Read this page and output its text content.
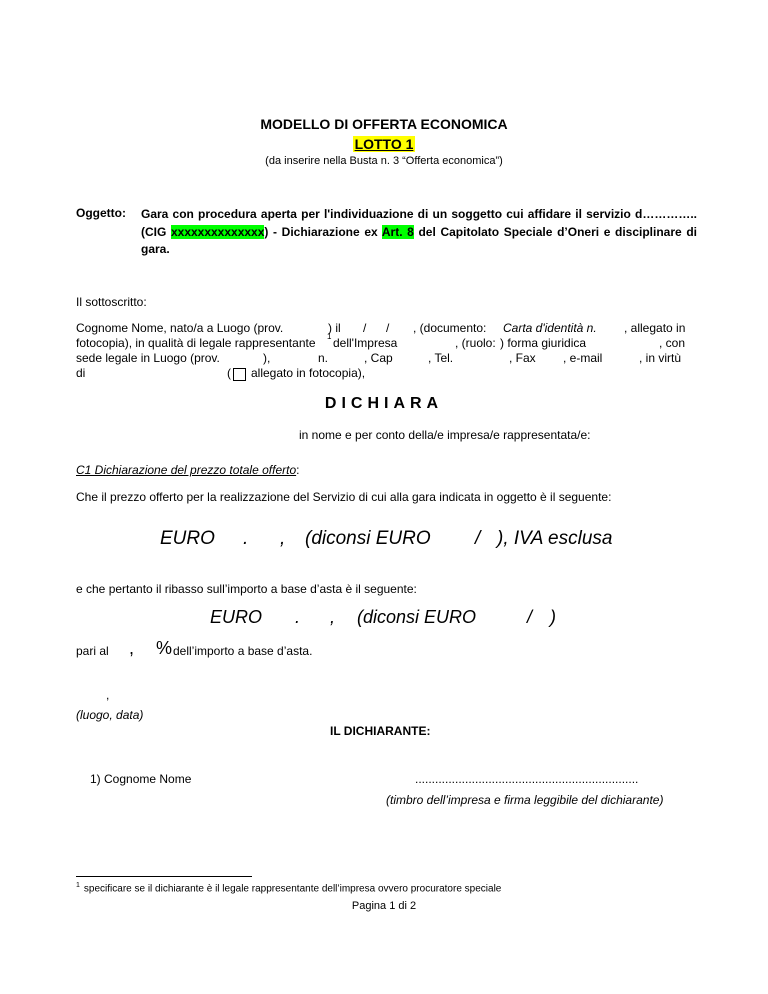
MODELLO DI OFFERTA ECONOMICA
LOTTO 1
(da inserire nella Busta n. 3 “Offerta economica”)
Oggetto: Gara con procedura aperta per l'individuazione di un soggetto cui affidare il servizio d………….. (CIG xxxxxxxxxxxxxx) - Dichiarazione ex Art. 8 del Capitolato Speciale d’Oneri e disciplinare di gara.
Il sottoscritto:
Cognome Nome, nato/a a Luogo (prov.	) il / / , (documento: Carta d'identità n. , allegato in
fotocopia), in qualità di legale rappresentante 1 dell'Impresa	, (ruolo: ) forma giuridica	, con
sede legale in Luogo (prov.	),	n.	, Cap	, Tel.	, Fax , e-mail	, in virtù
di	( allegato in fotocopia),
DICHIARA
in nome e per conto della/e impresa/e rappresentata/e:
C1 Dichiarazione del prezzo totale offerto:
Che il prezzo offerto per la realizzazione del Servizio di cui alla gara indicata in oggetto è il seguente:
EURO . , (diconsi EURO / ), IVA esclusa
e che pertanto il ribasso sull’importo a base d’asta è il seguente:
EURO . , (diconsi EURO	/ )
pari al , % dell’importo a base d’asta.
,
(luogo, data)
IL DICHIARANTE:
1) Cognome Nome	...................................................................
(timbro dell’impresa e firma leggibile del dichiarante)
$^1$ specificare se il dichiarante è il legale rappresentante dell’impresa ovvero procuratore speciale
Pagina 1 di 2
